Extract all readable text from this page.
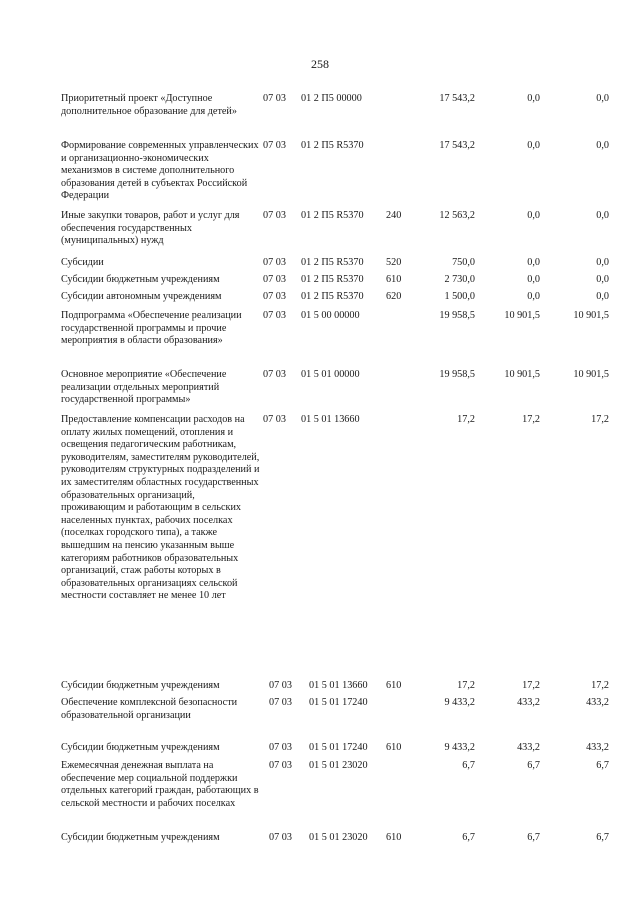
258
Приоритетный проект «Доступное дополнительное образование для детей»
07 03	01 2 П5 00000	17 543,2	0,0	0,0
Формирование современных управленческих и организационно-экономических механизмов в системе дополнительного образования детей в субъектах Российской Федерации
07 03	01 2 П5 R5370	17 543,2	0,0	0,0
Иные закупки товаров, работ и услуг для обеспечения государственных (муниципальных) нужд
07 03	01 2 П5 R5370	240	12 563,2	0,0	0,0
Субсидии	07 03	01 2 П5 R5370	520	750,0	0,0	0,0
Субсидии бюджетным учреждениям	07 03	01 2 П5 R5370	610	2 730,0	0,0	0,0
Субсидии автономным учреждениям	07 03	01 2 П5 R5370	620	1 500,0	0,0	0,0
Подпрограмма «Обеспечение реализации государственной программы и прочие мероприятия в области образования»
07 03	01 5 00 00000	19 958,5	10 901,5	10 901,5
Основное мероприятие «Обеспечение реализации отдельных мероприятий государственной программы»
07 03	01 5 01 00000	19 958,5	10 901,5	10 901,5
Предоставление компенсации расходов на оплату жилых помещений, отопления и освещения педагогическим работникам, руководителям, заместителям руководителей, руководителям структурных подразделений и их заместителям областных государственных образовательных организаций, проживающим и работающим в сельских населенных пунктах, рабочих поселках (поселках городского типа), а также вышедшим на пенсию указанным выше категориям работников образовательных организаций, стаж работы которых в образовательных организациях сельской местности составляет не менее 10 лет
07 03	01 5 01 13660	17,2	17,2	17,2
Субсидии бюджетным учреждениям	07 03	01 5 01 13660	610	17,2	17,2	17,2
Обеспечение комплексной безопасности образовательной организации
07 03	01 5 01 17240	9 433,2	433,2	433,2
Субсидии бюджетным учреждениям	07 03	01 5 01 17240	610	9 433,2	433,2	433,2
Ежемесячная денежная выплата на обеспечение мер социальной поддержки отдельных категорий граждан, работающих в сельской местности и рабочих поселках
07 03	01 5 01 23020	6,7	6,7	6,7
Субсидии бюджетным учреждениям	07 03	01 5 01 23020	610	6,7	6,7	6,7
